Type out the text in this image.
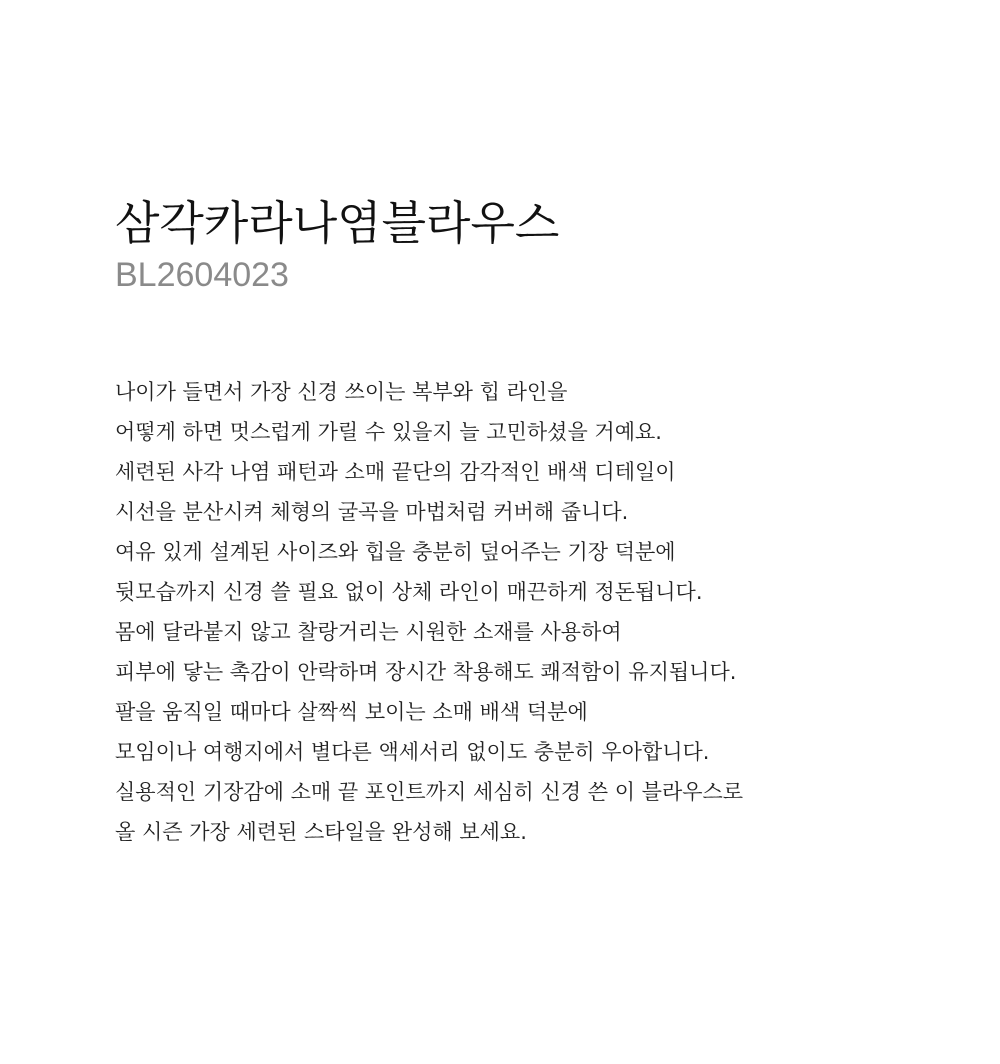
삼각카라나염블라우스
BL2604023
나이가 들면서 가장 신경 쓰이는 복부와 힙 라인을
어떻게 하면 멋스럽게 가릴 수 있을지 늘 고민하셨을 거예요.
세련된 사각 나염 패턴과 소매 끝단의 감각적인 배색 디테일이
시선을 분산시켜 체형의 굴곡을 마법처럼 커버해 줍니다.
여유 있게 설계된 사이즈와 힙을 충분히 덮어주는 기장 덕분에
뒷모습까지 신경 쓸 필요 없이 상체 라인이 매끈하게 정돈됩니다.
몸에 달라붙지 않고 찰랑거리는 시원한 소재를 사용하여
피부에 닿는 촉감이 안락하며 장시간 착용해도 쾌적함이 유지됩니다.
팔을 움직일 때마다 살짝씩 보이는 소매 배색 덕분에
모임이나 여행지에서 별다른 액세서리 없이도 충분히 우아합니다.
실용적인 기장감에 소매 끝 포인트까지 세심히 신경 쓴 이 블라우스로
올 시즌 가장 세련된 스타일을 완성해 보세요.
